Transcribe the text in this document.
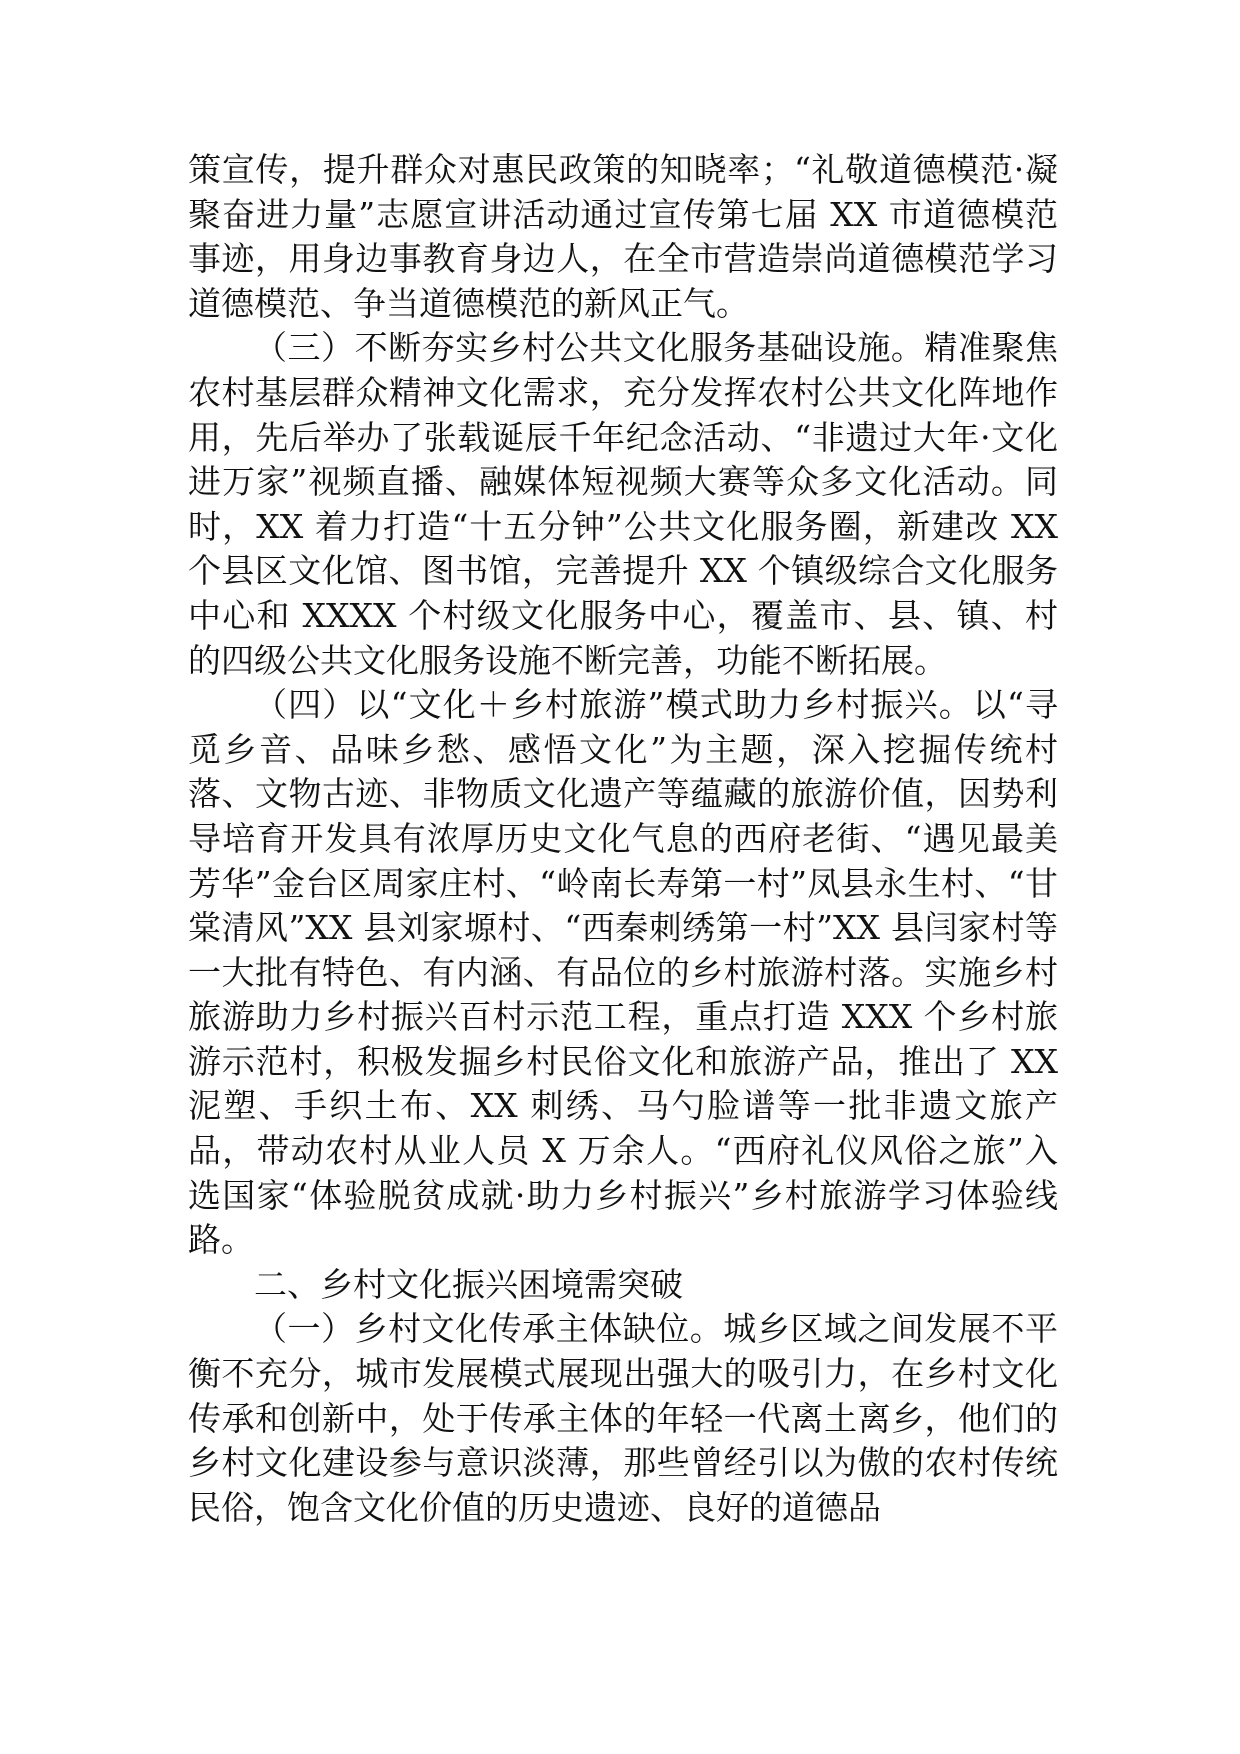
策宣传，提升群众对惠民政策的知晓率；“礼敬道德模范·凝聚奋进力量”志愿宣讲活动通过宣传第七届 XX 市道德模范事迹，用身边事教育身边人，在全市营造崇尚道德模范学习道德模范、争当道德模范的新风正气。

（三）不断夯实乡村公共文化服务基础设施。精准聚焦农村基层群众精神文化需求，充分发挥农村公共文化阵地作用，先后举办了张载诞辰千年纪念活动、“非遗过大年·文化进万家”视频直播、融媒体短视频大赛等众多文化活动。同时，XX 着力打造“十五分钟”公共文化服务圈，新建改 XX 个县区文化馆、图书馆，完善提升 XX 个镇级综合文化服务中心和 XXXX 个村级文化服务中心，覆盖市、县、镇、村的四级公共文化服务设施不断完善，功能不断拓展。

（四）以“文化＋乡村旅游”模式助力乡村振兴。以“寻觅乡音、品味乡愁、感悟文化”为主题，深入挖掘传统村落、文物古迹、非物质文化遗产等蕴藏的旅游价值，因势利导培育开发具有浓厚历史文化气息的西府老街、“遇见最美芳华”金台区周家庄村、“岭南长寿第一村”凤县永生村、“甘棠清风”XX 县刘家塬村、“西秦刺绣第一村”XX 县闫家村等一大批有特色、有内涵、有品位的乡村旅游村落。实施乡村旅游助力乡村振兴百村示范工程，重点打造 XXX 个乡村旅游示范村，积极发掘乡村民俗文化和旅游产品，推出了 XX 泥塑、手织土布、XX 刺绣、马勺脸谱等一批非遗文旅产品，带动农村从业人员 X 万余人。“西府礼仪风俗之旅”入选国家“体验脱贫成就·助力乡村振兴”乡村旅游学习体验线路。

二、乡村文化振兴困境需突破

（一）乡村文化传承主体缺位。城乡区域之间发展不平衡不充分，城市发展模式展现出强大的吸引力，在乡村文化传承和创新中，处于传承主体的年轻一代离土离乡，他们的乡村文化建设参与意识淡薄，那些曾经引以为傲的农村传统民俗，饱含文化价值的历史遗迹、良好的道德品
